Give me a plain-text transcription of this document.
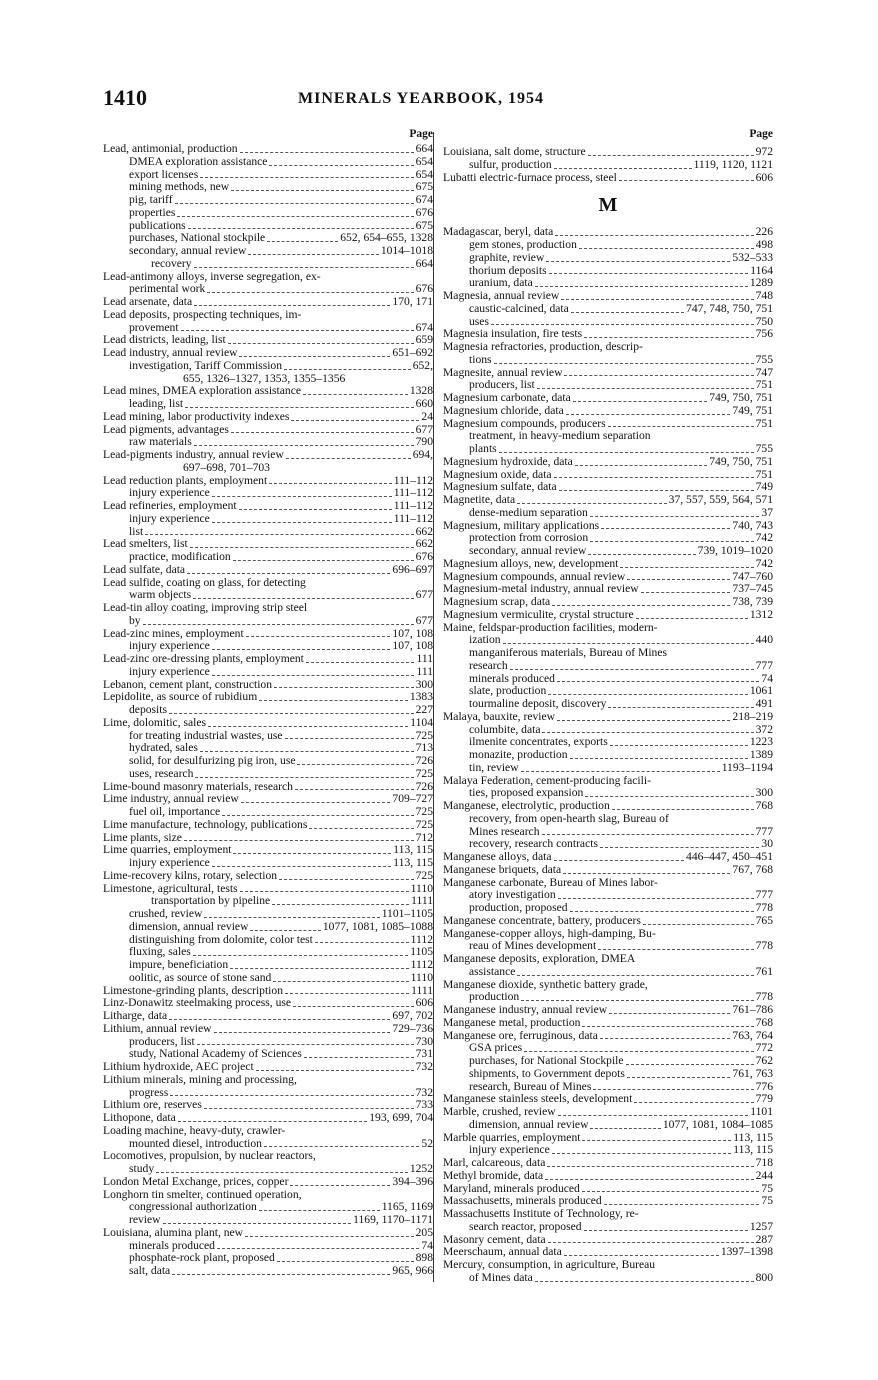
1410	MINERALS YEARBOOK, 1954
Page
Lead, antimonial, production	664
DMEA exploration assistance	654
export licenses	654
mining methods, new	675
pig, tariff	674
properties	676
publications	675
purchases, National stockpile	652, 654–655, 1328
secondary, annual review	1014–1018
recovery	664
Lead-antimony alloys, inverse segregation, ex-
perimental work	676
Lead arsenate, data	170, 171
Lead deposits, prospecting techniques, im-
provement	674
Lead districts, leading, list	659
Lead industry, annual review	651–692
investigation, Tariff Commission	652,
655, 1326–1327, 1353, 1355–1356
Lead mines, DMEA exploration assistance	1328
leading, list	660
Lead mining, labor productivity indexes	24
Lead pigments, advantages	677
raw materials	790
Lead-pigments industry, annual review	694,
697–698, 701–703
Lead reduction plants, employment	111–112
injury experience	111–112
Lead refineries, employment	111–112
injury experience	111–112
list	662
Lead smelters, list	662
practice, modification	676
Lead sulfate, data	696–697
Lead sulfide, coating on glass, for detecting
warm objects	677
Lead-tin alloy coating, improving strip steel
by	677
Lead-zinc mines, employment	107, 108
injury experience	107, 108
Lead-zinc ore-dressing plants, employment	111
injury experience	111
Lebanon, cement plant, construction	300
Lepidolite, as source of rubidium	1383
deposits	227
Lime, dolomitic, sales	1104
for treating industrial wastes, use	725
hydrated, sales	713
solid, for desulfurizing pig iron, use	726
uses, research	725
Lime-bound masonry materials, research	726
Lime industry, annual review	709–727
fuel oil, importance	725
Lime manufacture, technology, publications	725
Lime plants, size	712
Lime quarries, employment	113, 115
injury experience	113, 115
Lime-recovery kilns, rotary, selection	725
Limestone, agricultural, tests	1110
transportation by pipeline	1111
crushed, review	1101–1105
dimension, annual review	1077, 1081, 1085–1088
distinguishing from dolomite, color test	1112
fluxing, sales	1105
impure, beneficiation	1112
oolitic, as source of stone sand	1110
Limestone-grinding plants, description	1111
Linz-Donawitz steelmaking process, use	606
Litharge, data	697, 702
Lithium, annual review	729–736
producers, list	730
study, National Academy of Sciences	731
Lithium hydroxide, AEC project	732
Lithium minerals, mining and processing,
progress	732
Lithium ore, reserves	733
Lithopone, data	193, 699, 704
Loading machine, heavy-duty, crawler-
mounted diesel, introduction	52
Locomotives, propulsion, by nuclear reactors,
study	1252
London Metal Exchange, prices, copper	394–396
Longhorn tin smelter, continued operation,
congressional authorization	1165, 1169
review	1169, 1170–1171
Louisiana, alumina plant, new	205
minerals produced	74
phosphate-rock plant, proposed	898
salt, data	965, 966
Page
Louisiana, salt dome, structure	972
sulfur, production	1119, 1120, 1121
Lubatti electric-furnace process, steel	606
M
Madagascar, beryl, data	226
gem stones, production	498
graphite, review	532–533
thorium deposits	1164
uranium, data	1289
Magnesia, annual review	748
caustic-calcined, data	747, 748, 750, 751
uses	750
Magnesia insulation, fire tests	756
Magnesia refractories, production, descrip-
tions	755
Magnesite, annual review	747
producers, list	751
Magnesium carbonate, data	749, 750, 751
Magnesium chloride, data	749, 751
Magnesium compounds, producers	751
treatment, in heavy-medium separation
plants	755
Magnesium hydroxide, data	749, 750, 751
Magnesium oxide, data	751
Magnesium sulfate, data	749
Magnetite, data	37, 557, 559, 564, 571
dense-medium separation	37
Magnesium, military applications	740, 743
protection from corrosion	742
secondary, annual review	739, 1019–1020
Magnesium alloys, new, development	742
Magnesium compounds, annual review	747–760
Magnesium-metal industry, annual review	737–745
Magnesium scrap, data	738, 739
Magnesium vermiculite, crystal structure	1312
Maine, feldspar-production facilities, modern-
ization	440
manganiferous materials, Bureau of Mines
research	777
minerals produced	74
slate, production	1061
tourmaline deposit, discovery	491
Malaya, bauxite, review	218–219
columbite, data	372
ilmenite concentrates, exports	1223
monazite, production	1389
tin, review	1193–1194
Malaya Federation, cement-producing facili-
ties, proposed expansion	300
Manganese, electrolytic, production	768
recovery, from open-hearth slag, Bureau of
Mines research	777
recovery, research contracts	30
Manganese alloys, data	446–447, 450–451
Manganese briquets, data	767, 768
Manganese carbonate, Bureau of Mines labor-
atory investigation	777
production, proposed	778
Manganese concentrate, battery, producers	765
Manganese-copper alloys, high-damping, Bu-
reau of Mines development	778
Manganese deposits, exploration, DMEA
assistance	761
Manganese dioxide, synthetic battery grade,
production	778
Manganese industry, annual review	761–786
Manganese metal, production	768
Manganese ore, ferruginous, data	763, 764
GSA prices	772
purchases, for National Stockpile	762
shipments, to Government depots	761, 763
research, Bureau of Mines	776
Manganese stainless steels, development	779
Marble, crushed, review	1101
dimension, annual review	1077, 1081, 1084–1085
Marble quarries, employment	113, 115
injury experience	113, 115
Marl, calcareous, data	718
Methyl bromide, data	244
Maryland, minerals produced	75
Massachusetts, minerals produced	75
Massachusetts Institute of Technology, re-
search reactor, proposed	1257
Masonry cement, data	287
Meerschaum, annual data	1397–1398
Mercury, consumption, in agriculture, Bureau
of Mines data	800
